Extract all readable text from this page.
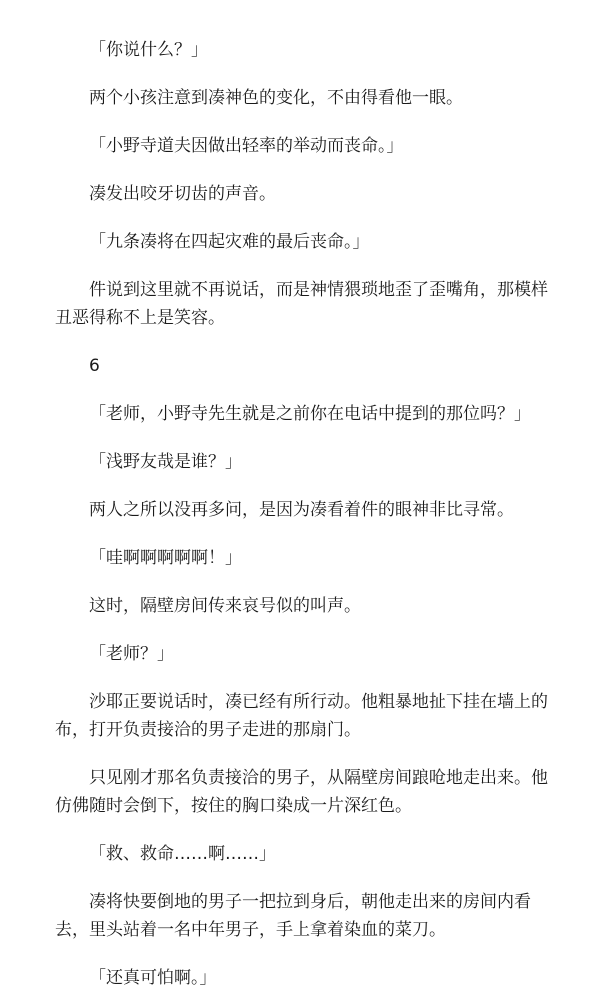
「你说什么？」

两个小孩注意到凑神色的变化，不由得看他一眼。

「小野寺道夫因做出轻率的举动而丧命。」

凑发出咬牙切齿的声音。

「九条凑将在四起灾难的最后丧命。」

件说到这里就不再说话，而是神情猥琐地歪了歪嘴角，那模样丑恶得称不上是笑容。

6

「老师，小野寺先生就是之前你在电话中提到的那位吗？」

「浅野友哉是谁？」

两人之所以没再多问，是因为凑看着件的眼神非比寻常。

「哇啊啊啊啊啊！」

这时，隔壁房间传来哀号似的叫声。

「老师？」

沙耶正要说话时，凑已经有所行动。他粗暴地扯下挂在墙上的布，打开负责接洽的男子走进的那扇门。

只见刚才那名负责接洽的男子，从隔壁房间踉呛地走出来。他仿佛随时会倒下，按住的胸口染成一片深红色。

「救、救命……啊……」

凑将快要倒地的男子一把拉到身后，朝他走出来的房间内看去，里头站着一名中年男子，手上拿着染血的菜刀。

「还真可怕啊。」
